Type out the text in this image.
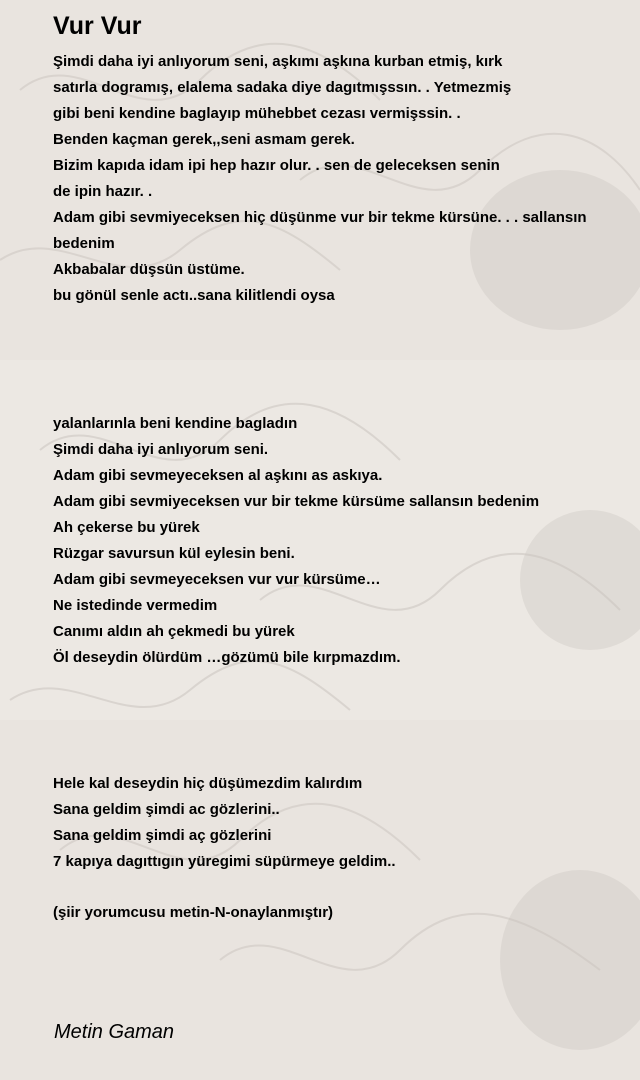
Vur Vur
Şimdi daha iyi anlıyorum seni, aşkımı aşkına kurban etmiş, kırk
satırla dogramış, elalema sadaka diye dagıtmışssın. . Yetmezmiş
gibi beni kendine baglayıp mühebbet cezası vermişssin. .
Benden kaçman gerek,,seni asmam gerek.
Bizim kapıda idam ipi hep hazır olur. . sen de geleceksen senin
de ipin hazır. .
Adam gibi sevmiyeceksen hiç düşünme vur bir tekme kürsüne. . . sallansın
bedenim
Akbabalar düşsün üstüme.
bu gönül senle actı..sana kilitlendi oysa
yalanlarınla beni kendine bagladın
Şimdi daha iyi anlıyorum seni.
Adam gibi sevmeyeceksen al aşkını as askıya.
Adam gibi sevmiyeceksen vur bir tekme kürsüme sallansın bedenim
Ah çekerse bu yürek
Rüzgar savursun kül eylesin beni.
Adam gibi sevmeyeceksen vur vur kürsüme…
Ne istedinde vermedim
Canımı aldın ah çekmedi bu yürek
Öl deseydin ölürdüm …gözümü bile kırpmazdım.
Hele kal deseydin hiç düşümezdim kalırdım
Sana geldim şimdi ac gözlerini..
Sana geldim şimdi aç gözlerini
7 kapıya dagıttıgın yüregimi süpürmeye geldim..

(şiir yorumcusu metin-N-onaylanmıştır)

Metin Gaman
